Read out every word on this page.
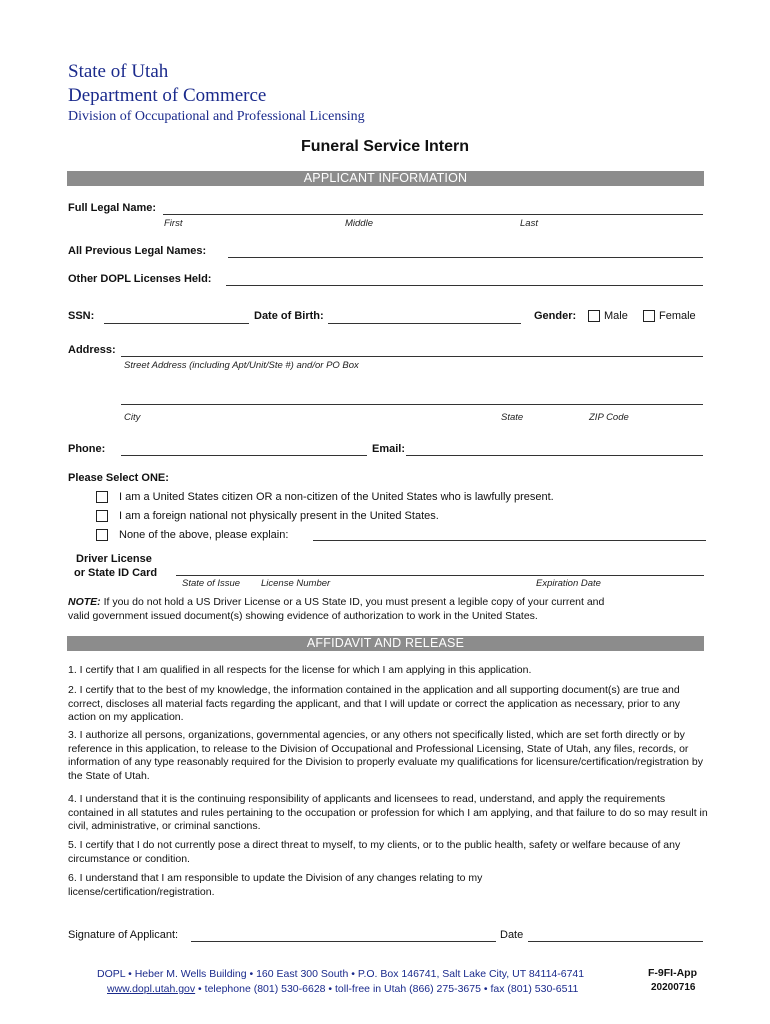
State of Utah
Department of Commerce
Division of Occupational and Professional Licensing
Funeral Service Intern
APPLICANT INFORMATION
Full Legal Name:
First	Middle	Last
All Previous Legal Names:
Other DOPL Licenses Held:
SSN:	Date of Birth:	Gender:	Male	Female
Address:
Street Address (including Apt/Unit/Ste #) and/or PO Box
City	State	ZIP Code
Phone:	Email:
Please Select ONE:
I am a United States citizen OR a non-citizen of the United States who is lawfully present.
I am a foreign national not physically present in the United States.
None of the above, please explain:
Driver License
or State ID Card
State of Issue License Number	Expiration Date
NOTE: If you do not hold a US Driver License or a US State ID, you must present a legible copy of your current and
valid government issued document(s) showing evidence of authorization to work in the United States.
AFFIDAVIT AND RELEASE
1. I certify that I am qualified in all respects for the license for which I am applying in this application.
2. I certify that to the best of my knowledge, the information contained in the application and all supporting document(s) are true and correct, discloses all material facts regarding the applicant, and that I will update or correct the application as necessary, prior to any action on my application.
3. I authorize all persons, organizations, governmental agencies, or any others not specifically listed, which are set forth directly or by reference in this application, to release to the Division of Occupational and Professional Licensing, State of Utah, any files, records, or information of any type reasonably required for the Division to properly evaluate my qualifications for licensure/certification/registration by the State of Utah.
4. I understand that it is the continuing responsibility of applicants and licensees to read, understand, and apply the requirements contained in all statutes and rules pertaining to the occupation or profession for which I am applying, and that failure to do so may result in civil, administrative, or criminal sanctions.
5. I certify that I do not currently pose a direct threat to myself, to my clients, or to the public health, safety or welfare because of any circumstance or condition.
6. I understand that I am responsible to update the Division of any changes relating to my license/certification/registration.
Signature of Applicant:	Date
DOPL • Heber M. Wells Building • 160 East 300 South • P.O. Box 146741, Salt Lake City, UT 84114-6741
www.dopl.utah.gov • telephone (801) 530-6628 • toll-free in Utah (866) 275-3675 • fax (801) 530-6511
F-9FI-App
20200716
